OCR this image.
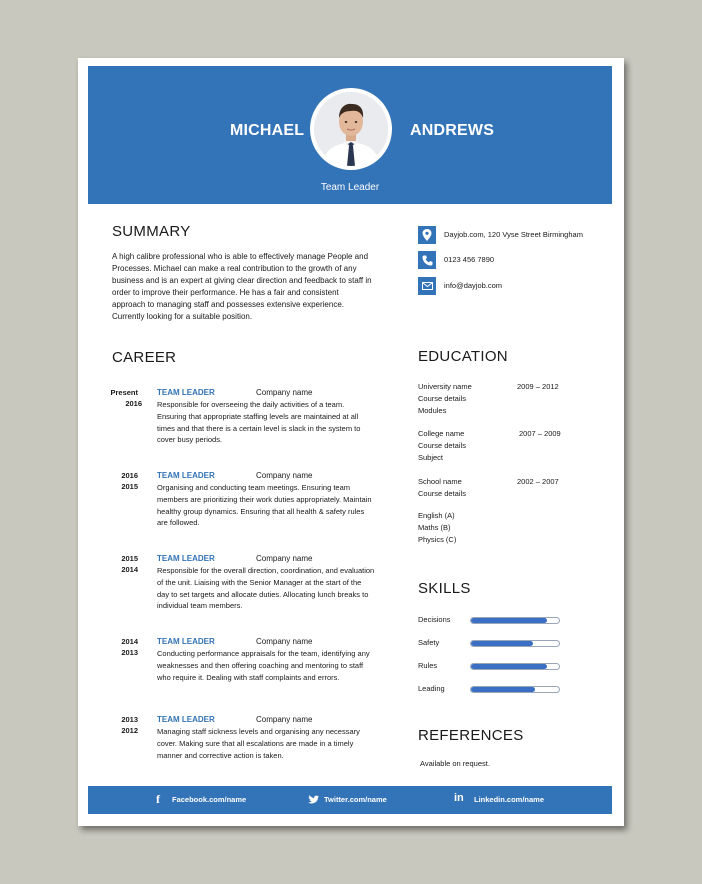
MICHAEL	ANDREWS
Team Leader
SUMMARY
A high calibre professional who is able to effectively manage People and Processes. Michael can make a real contribution to the growth of any business and is an expert at giving clear direction and feedback to staff in order to improve their performance. He has a fair and consistent approach to managing staff and possesses extensive experience. Currently looking for a suitable position.
Dayjob.com, 120 Vyse Street Birmingham
0123 456 7890
info@dayjob.com
CAREER
Present
2016
TEAM LEADER	Company name
Responsible for overseeing the daily activities of a team. Ensuring that appropriate staffing levels are maintained at all times and that there is a certain level is slack in the system to cover busy periods.
2016
2015
TEAM LEADER	Company name
Organising and conducting team meetings. Ensuring team members are prioritizing their work duties appropriately. Maintain healthy group dynamics. Ensuring that all health & safety rules are followed.
2015
2014
TEAM LEADER	Company name
Responsible for the overall direction, coordination, and evaluation of the unit. Liaising with the Senior Manager at the start of the day to set targets and allocate duties. Allocating lunch breaks to individual team members.
2014
2013
TEAM LEADER	Company name
Conducting performance appraisals for the team, identifying any weaknesses and then offering coaching and mentoring to staff who require it. Dealing with staff complaints and errors.
2013
2012
TEAM LEADER	Company name
Managing staff sickness levels and organising any necessary cover. Making sure that all escalations are made in a timely manner and corrective action is taken.
EDUCATION
University name	2009 – 2012
Course details
Modules
College name	2007 – 2009
Course details
Subject
School name	2002 – 2007
Course details
English (A)
Maths (B)
Physics (C)
SKILLS
Decisions
Safety
Rules
Leading
REFERENCES
Available on request.
f Facebook.com/name	Twitter.com/name	in Linkedin.com/name
